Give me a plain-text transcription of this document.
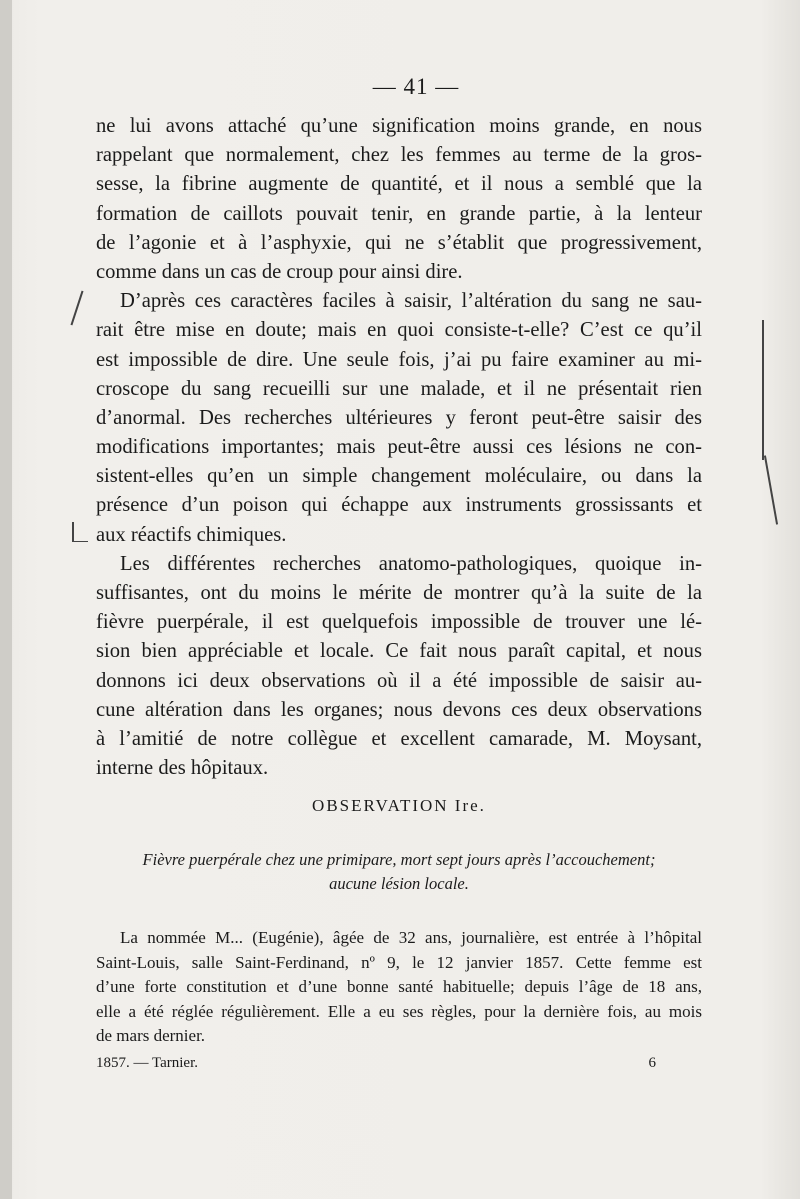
— 41 —
ne lui avons attaché qu’une signification moins grande, en nous
rappelant que normalement, chez les femmes au terme de la gros-
sesse, la fibrine augmente de quantité, et il nous a semblé que la
formation de caillots pouvait tenir, en grande partie, à la lenteur
de l’agonie et à l’asphyxie, qui ne s’établit que progressivement,
comme dans un cas de croup pour ainsi dire.
D’après ces caractères faciles à saisir, l’altération du sang ne sau-
rait être mise en doute; mais en quoi consiste-t-elle? C’est ce qu’il
est impossible de dire. Une seule fois, j’ai pu faire examiner au mi-
croscope du sang recueilli sur une malade, et il ne présentait rien
d’anormal. Des recherches ultérieures y feront peut-être saisir des
modifications importantes; mais peut-être aussi ces lésions ne con-
sistent-elles qu’en un simple changement moléculaire, ou dans la
présence d’un poison qui échappe aux instruments grossissants et
aux réactifs chimiques.
Les différentes recherches anatomo-pathologiques, quoique in-
suffisantes, ont du moins le mérite de montrer qu’à la suite de la
fièvre puerpérale, il est quelquefois impossible de trouver une lé-
sion bien appréciable et locale. Ce fait nous paraît capital, et nous
donnons ici deux observations où il a été impossible de saisir au-
cune altération dans les organes; nous devons ces deux observations
à l’amitié de notre collègue et excellent camarade, M. Moysant,
interne des hôpitaux.
OBSERVATION Ire.
Fièvre puerpérale chez une primipare, mort sept jours après l’accouchement;
aucune lésion locale.
La nommée M... (Eugénie), âgée de 32 ans, journalière, est entrée à l’hôpital
Saint-Louis, salle Saint-Ferdinand, nº 9, le 12 janvier 1857. Cette femme est
d’une forte constitution et d’une bonne santé habituelle; depuis l’âge de 18 ans,
elle a été réglée régulièrement. Elle a eu ses règles, pour la dernière fois, au mois
de mars dernier.
1857. — Tarnier.	6
